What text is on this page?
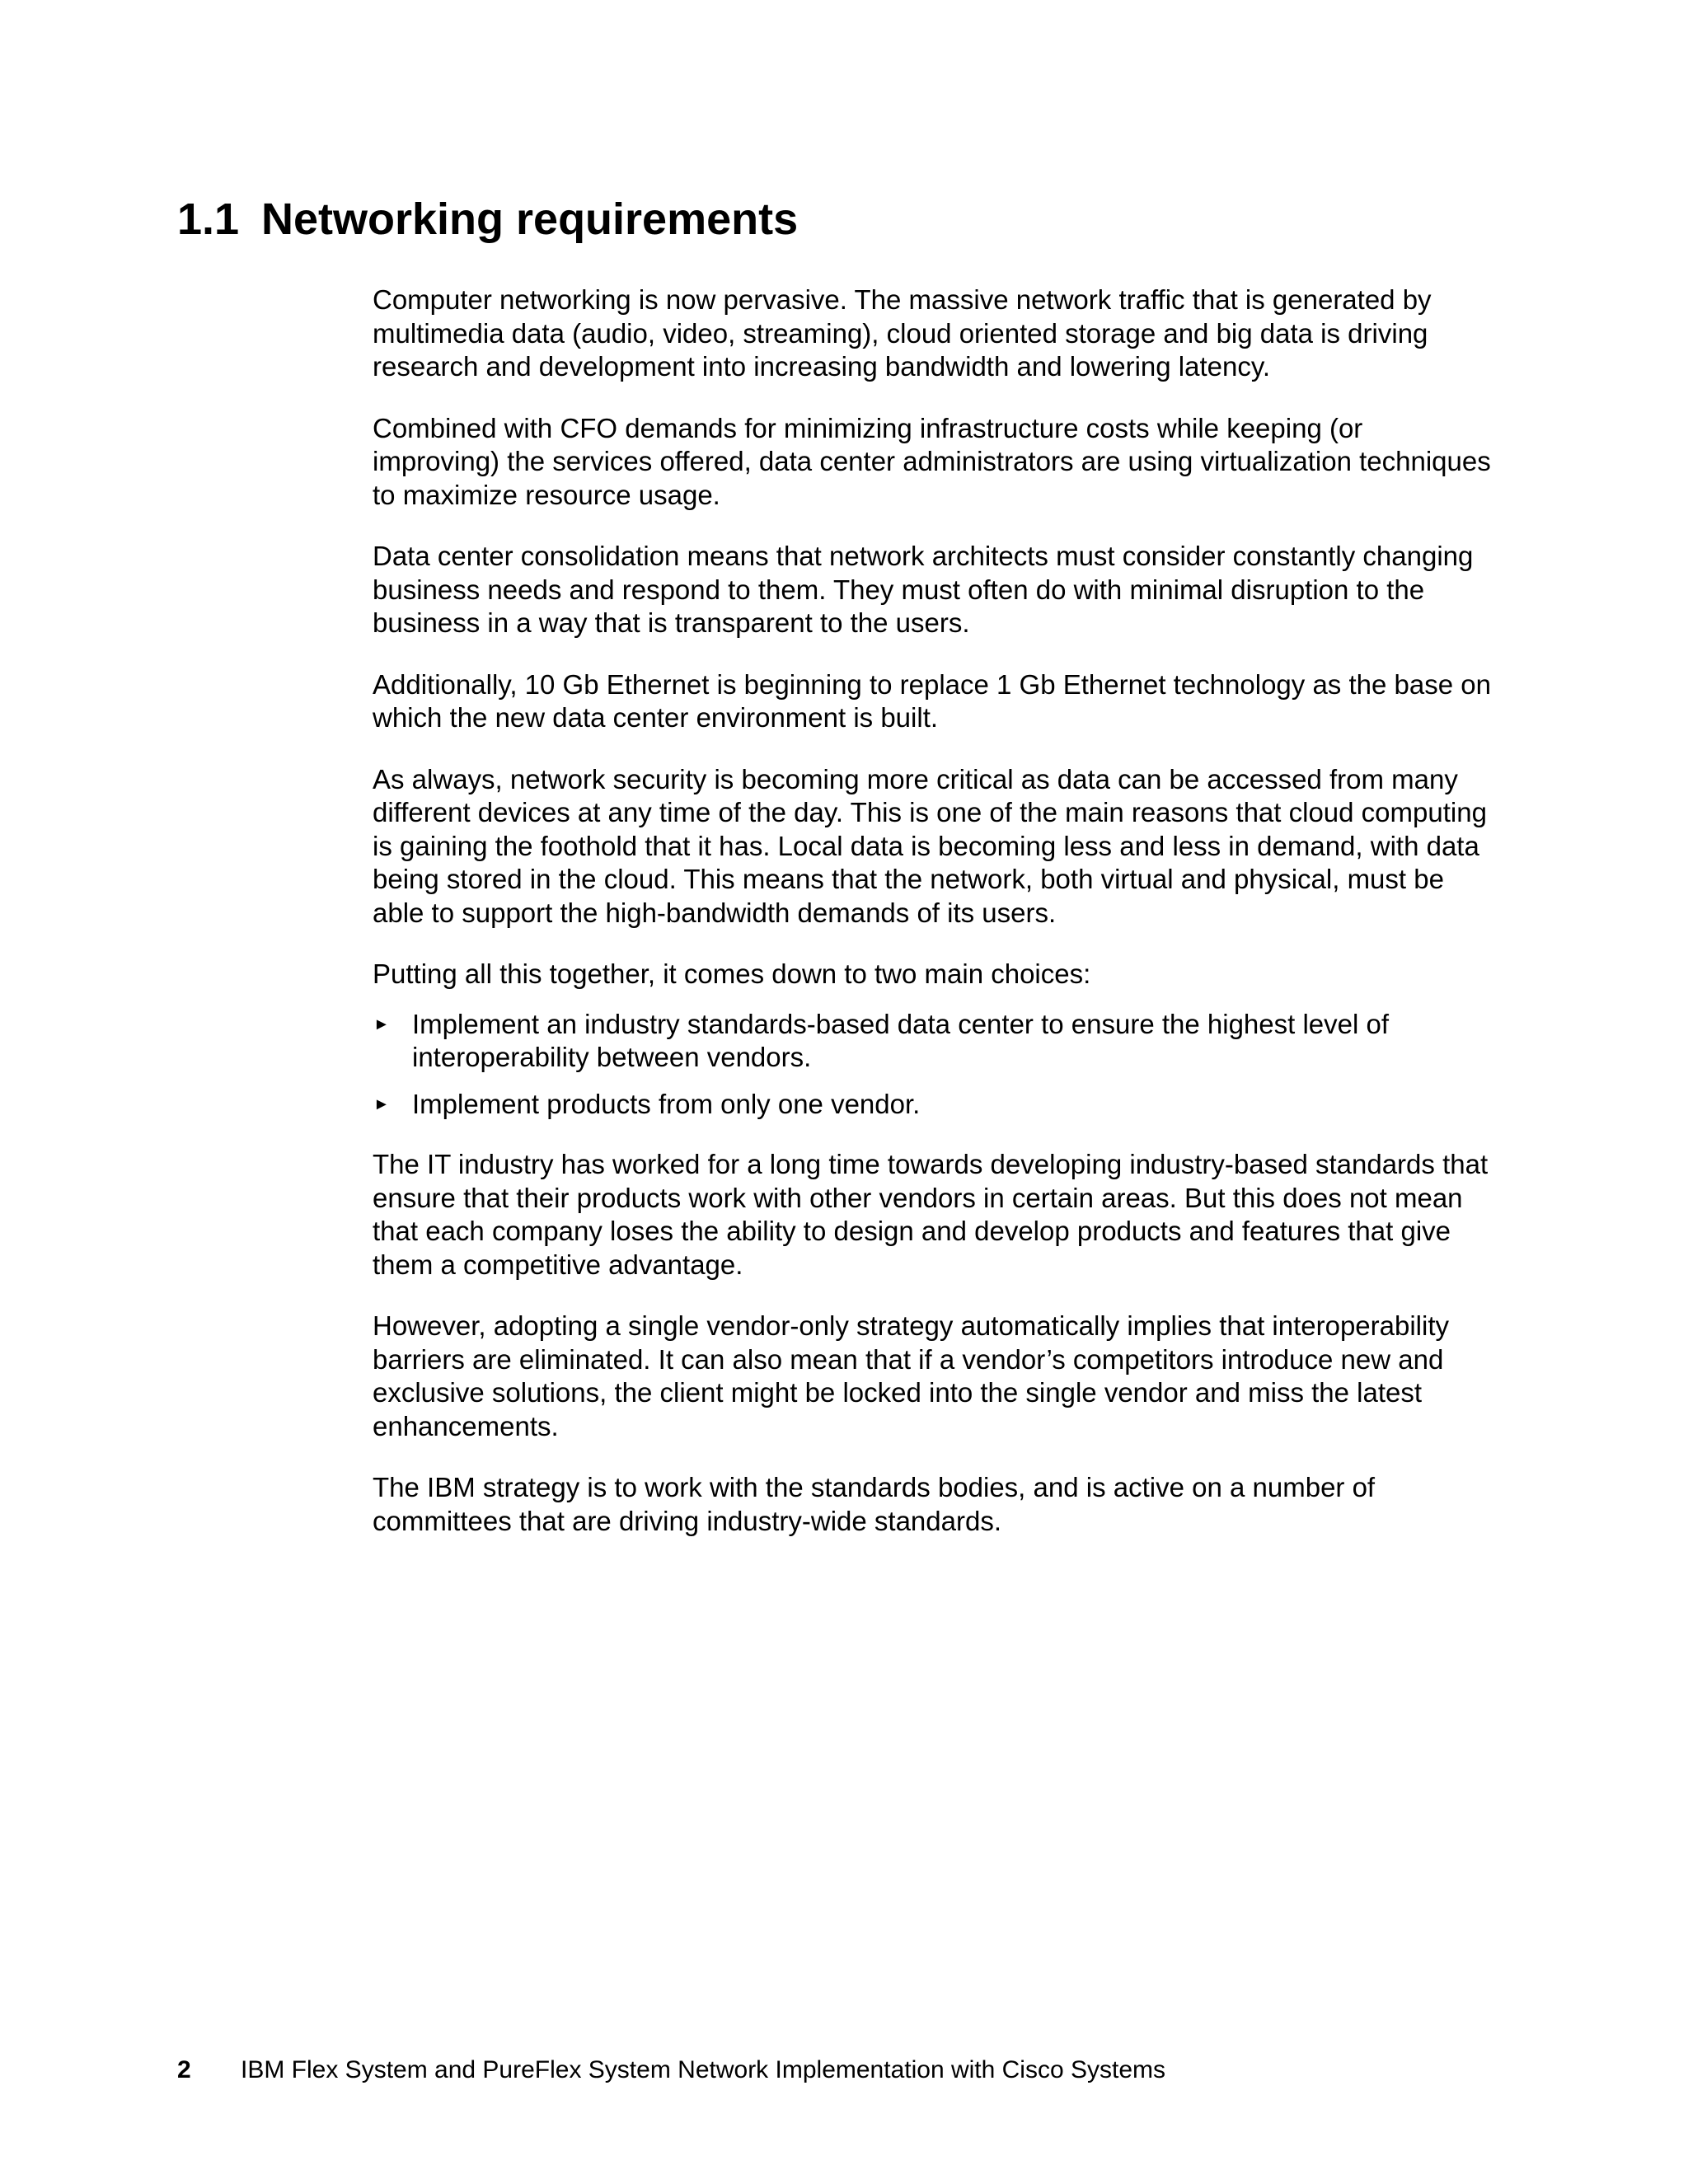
1.1 Networking requirements

Computer networking is now pervasive. The massive network traffic that is generated by multimedia data (audio, video, streaming), cloud oriented storage and big data is driving research and development into increasing bandwidth and lowering latency.

Combined with CFO demands for minimizing infrastructure costs while keeping (or improving) the services offered, data center administrators are using virtualization techniques to maximize resource usage.

Data center consolidation means that network architects must consider constantly changing business needs and respond to them. They must often do with minimal disruption to the business in a way that is transparent to the users.

Additionally, 10 Gb Ethernet is beginning to replace 1 Gb Ethernet technology as the base on which the new data center environment is built.

As always, network security is becoming more critical as data can be accessed from many different devices at any time of the day. This is one of the main reasons that cloud computing is gaining the foothold that it has. Local data is becoming less and less in demand, with data being stored in the cloud. This means that the network, both virtual and physical, must be able to support the high-bandwidth demands of its users.

Putting all this together, it comes down to two main choices:

► Implement an industry standards-based data center to ensure the highest level of interoperability between vendors.
► Implement products from only one vendor.

The IT industry has worked for a long time towards developing industry-based standards that ensure that their products work with other vendors in certain areas. But this does not mean that each company loses the ability to design and develop products and features that give them a competitive advantage.

However, adopting a single vendor-only strategy automatically implies that interoperability barriers are eliminated. It can also mean that if a vendor’s competitors introduce new and exclusive solutions, the client might be locked into the single vendor and miss the latest enhancements.

The IBM strategy is to work with the standards bodies, and is active on a number of committees that are driving industry-wide standards.

2 IBM Flex System and PureFlex System Network Implementation with Cisco Systems
